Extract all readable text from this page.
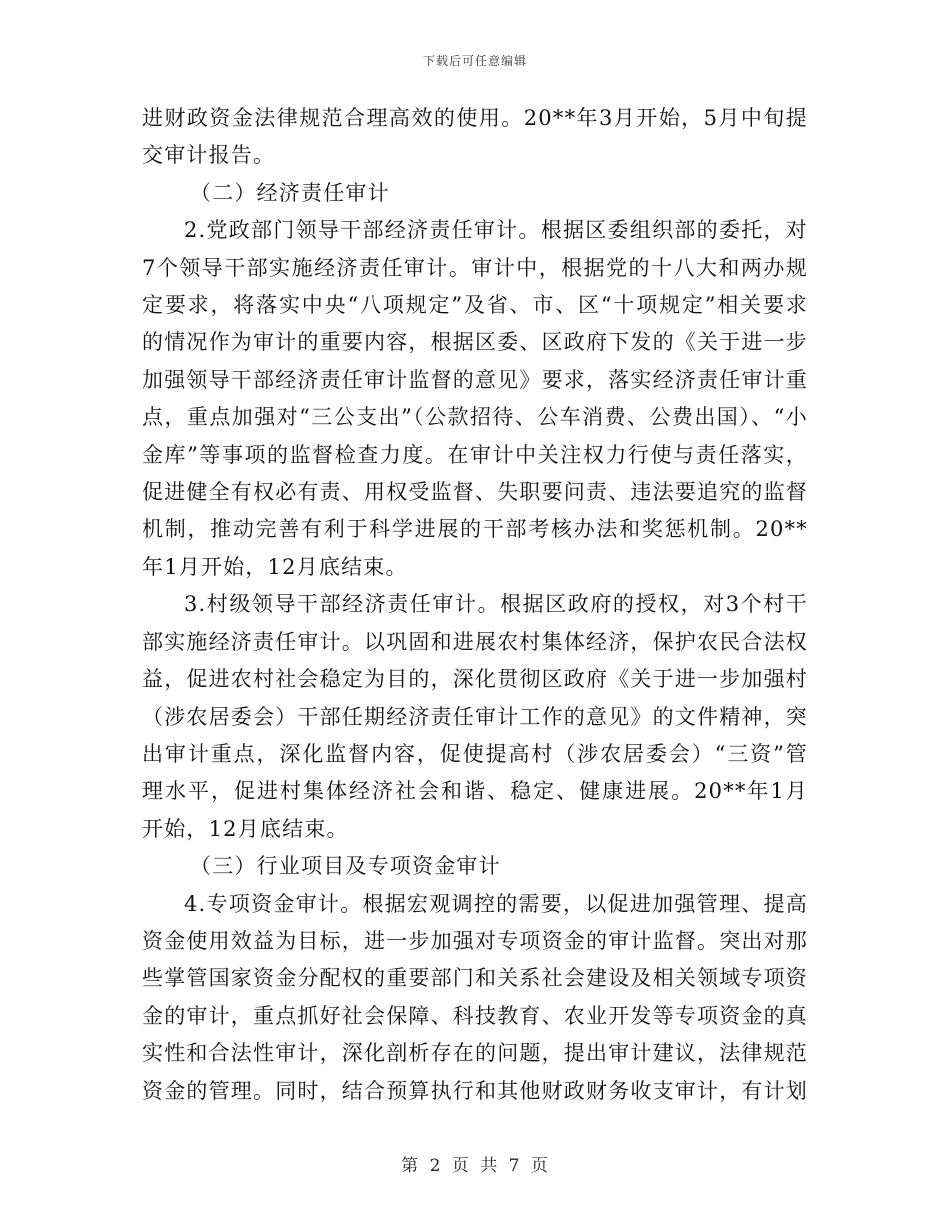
下载后可任意编辑

进财政资金法律规范合理高效的使用。20**年3月开始，5月中旬提交审计报告。

（二）经济责任审计

2.党政部门领导干部经济责任审计。根据区委组织部的委托，对7个领导干部实施经济责任审计。审计中，根据党的十八大和两办规定要求，将落实中央“八项规定”及省、市、区“十项规定”相关要求的情况作为审计的重要内容，根据区委、区政府下发的《关于进一步加强领导干部经济责任审计监督的意见》要求，落实经济责任审计重点，重点加强对“三公支出”（公款招待、公车消费、公费出国）、“小金库”等事项的监督检查力度。在审计中关注权力行使与责任落实，促进健全有权必有责、用权受监督、失职要问责、违法要追究的监督机制，推动完善有利于科学进展的干部考核办法和奖惩机制。20**年1月开始，12月底结束。

3.村级领导干部经济责任审计。根据区政府的授权，对3个村干部实施经济责任审计。以巩固和进展农村集体经济，保护农民合法权益，促进农村社会稳定为目的，深化贯彻区政府《关于进一步加强村（涉农居委会）干部任期经济责任审计工作的意见》的文件精神，突出审计重点，深化监督内容，促使提高村（涉农居委会）“三资”管理水平，促进村集体经济社会和谐、稳定、健康进展。20**年1月开始，12月底结束。

（三）行业项目及专项资金审计

4.专项资金审计。根据宏观调控的需要，以促进加强管理、提高资金使用效益为目标，进一步加强对专项资金的审计监督。突出对那些掌管国家资金分配权的重要部门和关系社会建设及相关领域专项资金的审计，重点抓好社会保障、科技教育、农业开发等专项资金的真实性和合法性审计，深化剖析存在的问题，提出审计建议，法律规范资金的管理。同时，结合预算执行和其他财政财务收支审计，有计划

第 2 页 共 7 页
